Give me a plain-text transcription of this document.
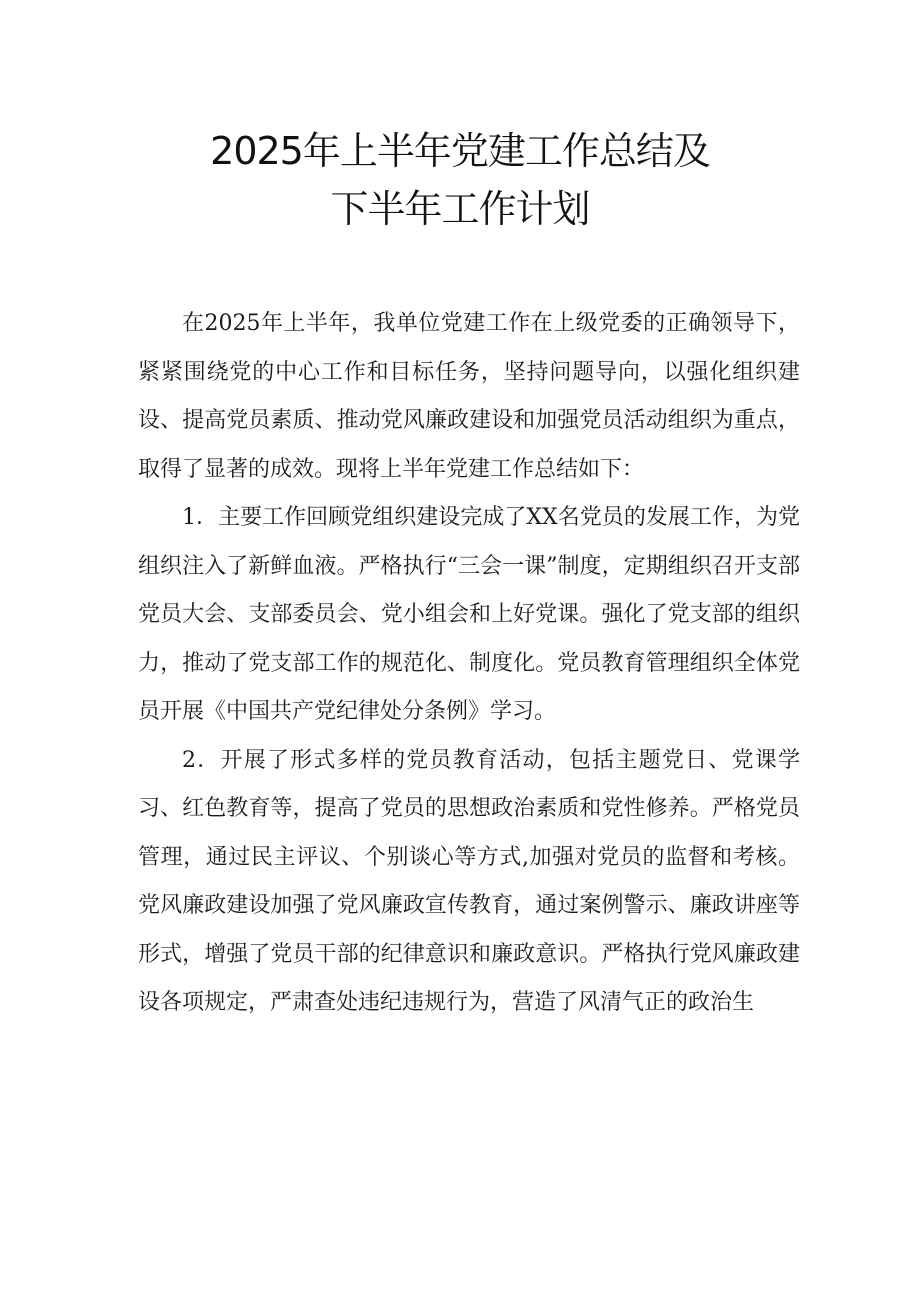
2025年上半年党建工作总结及
下半年工作计划

在2025年上半年，我单位党建工作在上级党委的正确领导下，紧紧围绕党的中心工作和目标任务，坚持问题导向，以强化组织建设、提高党员素质、推动党风廉政建设和加强党员活动组织为重点，取得了显著的成效。现将上半年党建工作总结如下：

1．主要工作回顾党组织建设完成了XX名党员的发展工作，为党组织注入了新鲜血液。严格执行“三会一课”制度，定期组织召开支部党员大会、支部委员会、党小组会和上好党课。强化了党支部的组织力，推动了党支部工作的规范化、制度化。党员教育管理组织全体党员开展《中国共产党纪律处分条例》学习。

2．开展了形式多样的党员教育活动，包括主题党日、党课学习、红色教育等，提高了党员的思想政治素质和党性修养。严格党员管理，通过民主评议、个别谈心等方式,加强对党员的监督和考核。党风廉政建设加强了党风廉政宣传教育，通过案例警示、廉政讲座等形式，增强了党员干部的纪律意识和廉政意识。严格执行党风廉政建设各项规定，严肃查处违纪违规行为，营造了风清气正的政治生
